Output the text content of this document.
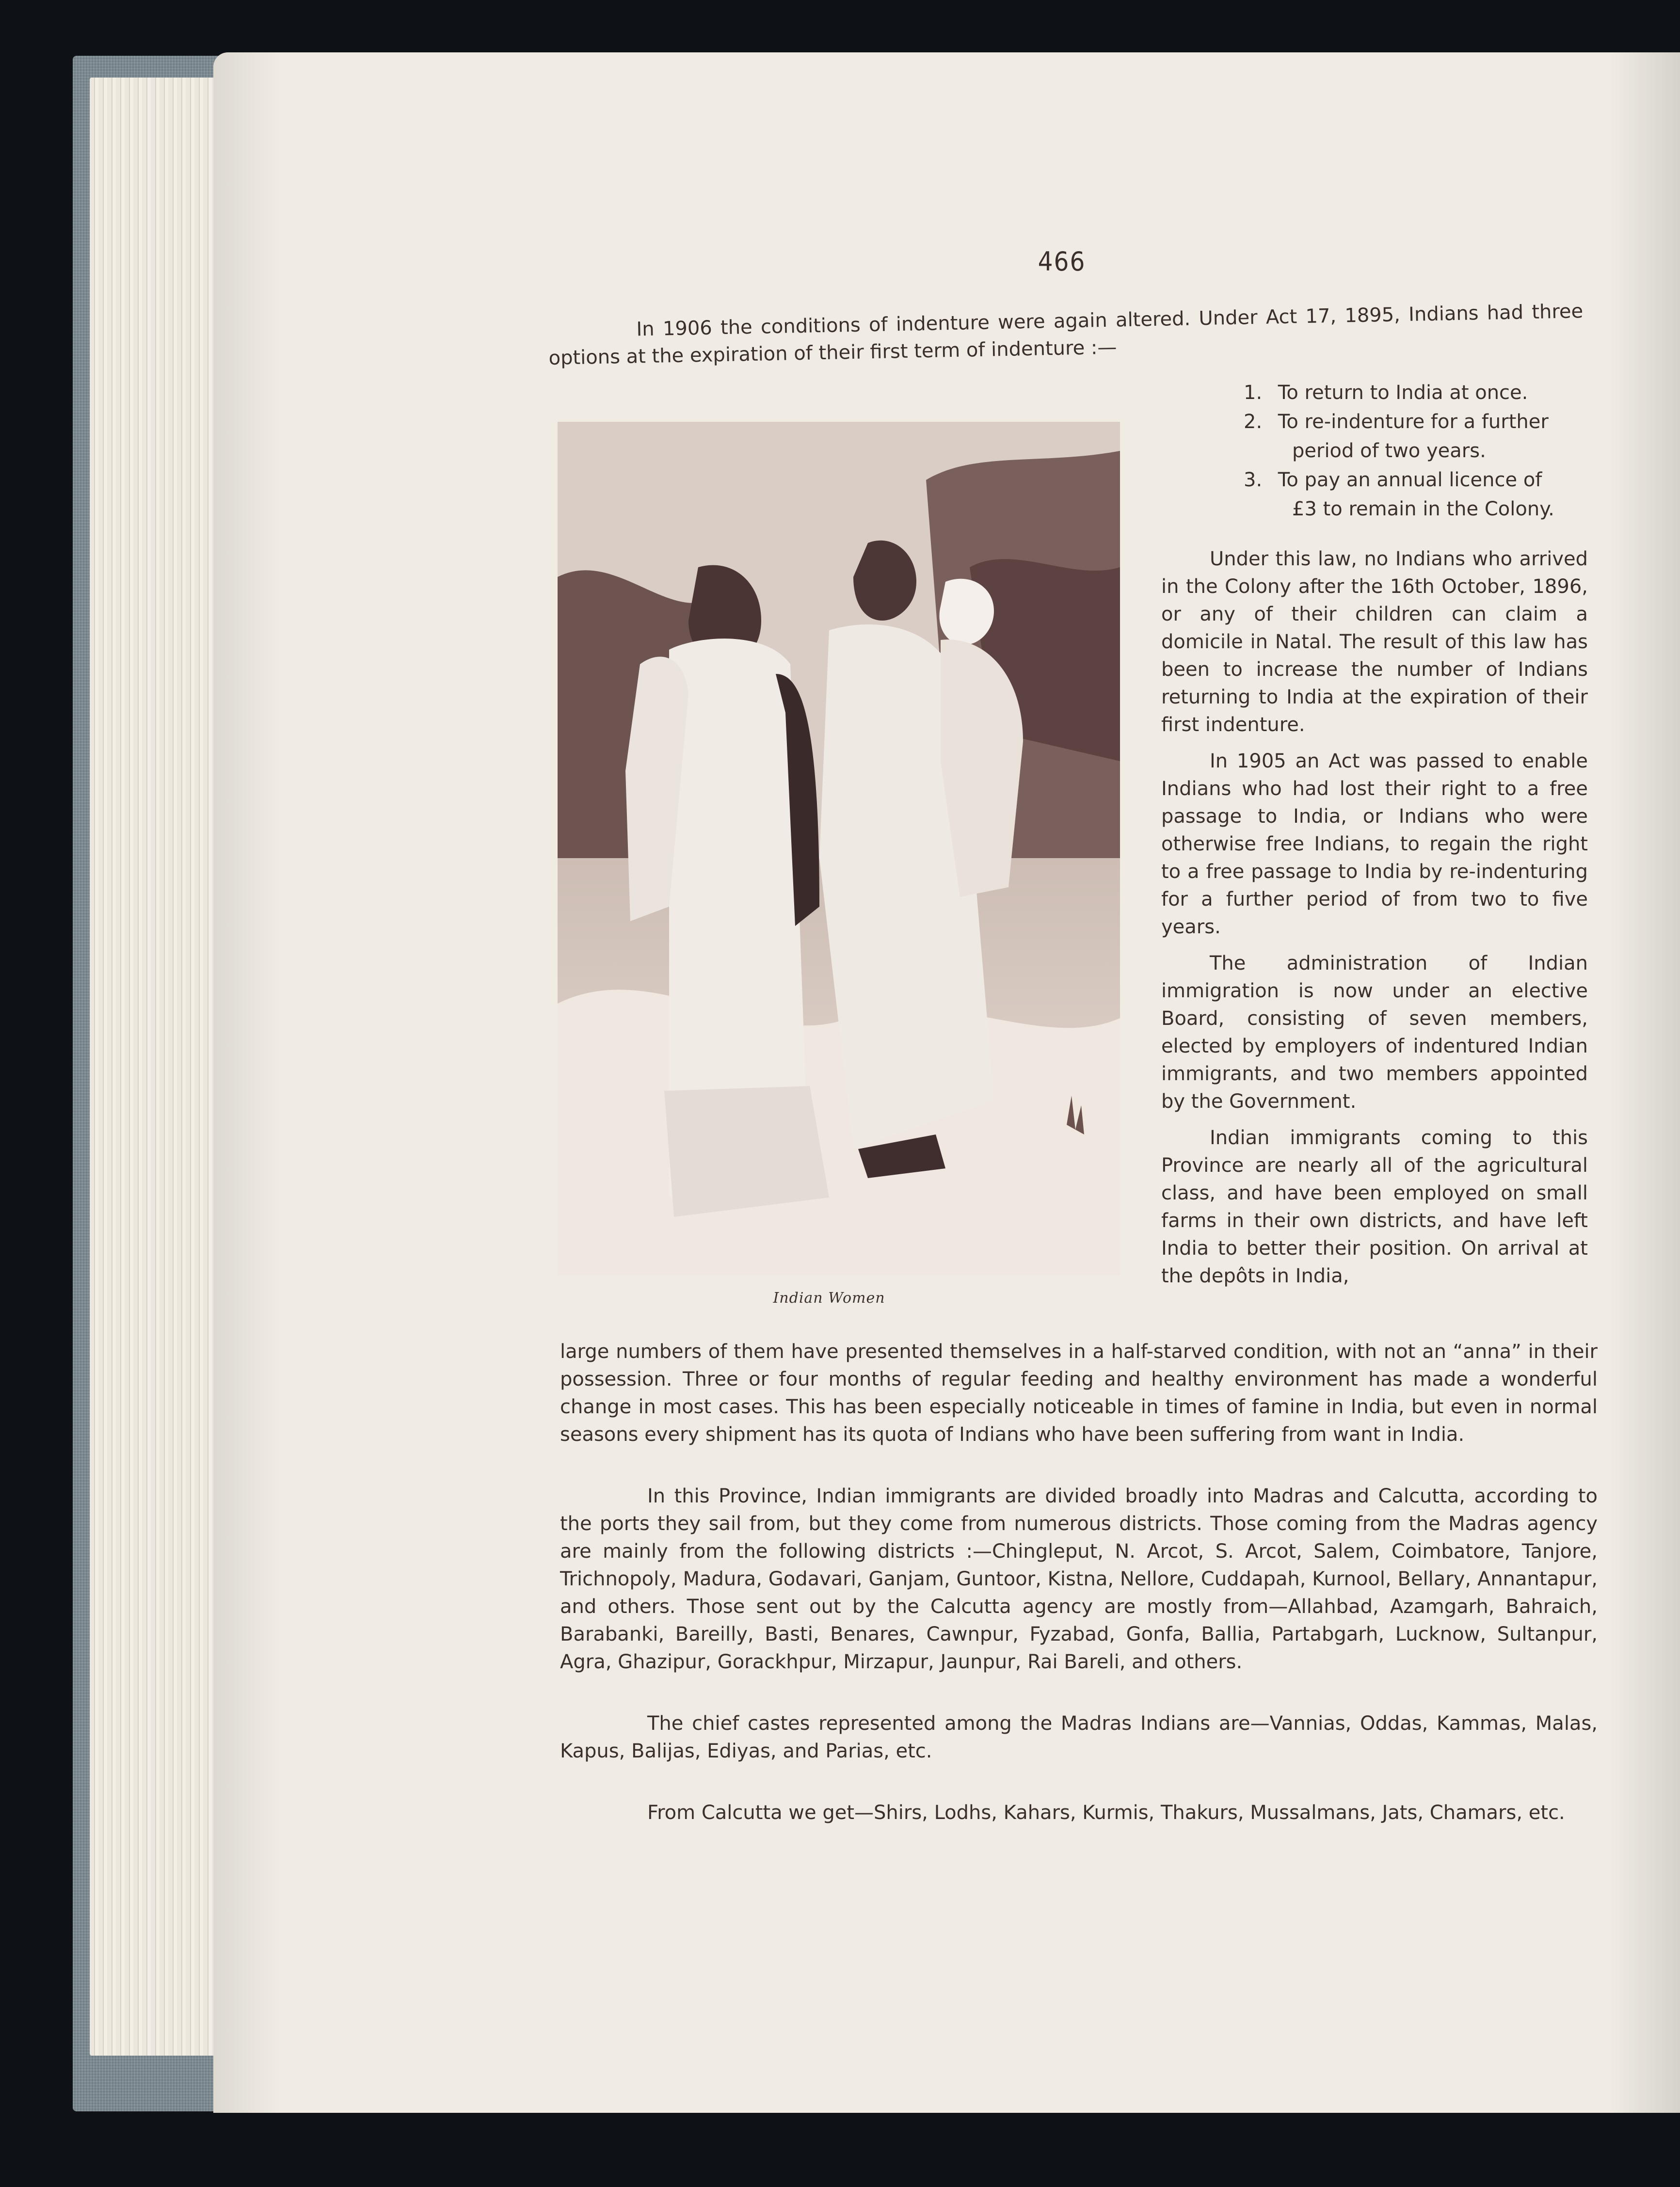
466

In 1906 the conditions of indenture were again altered. Under Act 17, 1895, Indians had three options at the expiration of their first term of indenture :—

1. To return to India at once.
2. To re-indenture for a further
period of two years.
3. To pay an annual licence of
£3 to remain in the Colony.
Indian Women

Under this law, no Indians who arrived in the Colony after the 16th October, 1896, or any of their children can claim a domicile in Natal. The result of this law has been to increase the number of Indians returning to India at the expiration of their first indenture.

In 1905 an Act was passed to enable Indians who had lost their right to a free passage to India, or Indians who were otherwise free Indians, to regain the right to a free passage to India by re-indenturing for a further period of from two to five years.

The administration of Indian immigration is now under an elective Board, consisting of seven members, elected by employers of indentured Indian immigrants, and two members appointed by the Government.

Indian immigrants coming to this Province are nearly all of the agricultural class, and have been employed on small farms in their own districts, and have left India to better their position. On arrival at the depôts in India,

large numbers of them have presented themselves in a half-starved condition, with not an “anna” in their possession. Three or four months of regular feeding and healthy environment has made a wonderful change in most cases. This has been especially noticeable in times of famine in India, but even in normal seasons every shipment has its quota of Indians who have been suffering from want in India.

In this Province, Indian immigrants are divided broadly into Madras and Calcutta, according to the ports they sail from, but they come from numerous districts. Those coming from the Madras agency are mainly from the following districts :—Chingleput, N. Arcot, S. Arcot, Salem, Coimbatore, Tanjore, Trichnopoly, Madura, Godavari, Ganjam, Guntoor, Kistna, Nellore, Cuddapah, Kurnool, Bellary, Annantapur, and others. Those sent out by the Calcutta agency are mostly from—Allahbad, Azamgarh, Bahraich, Barabanki, Bareilly, Basti, Benares, Cawnpur, Fyzabad, Gonfa, Ballia, Partabgarh, Lucknow, Sultanpur, Agra, Ghazipur, Gorackhpur, Mirzapur, Jaunpur, Rai Bareli, and others.

The chief castes represented among the Madras Indians are—Vannias, Oddas, Kammas, Malas, Kapus, Balijas, Ediyas, and Parias, etc.

From Calcutta we get—Shirs, Lodhs, Kahars, Kurmis, Thakurs, Mussalmans, Jats, Chamars, etc.
